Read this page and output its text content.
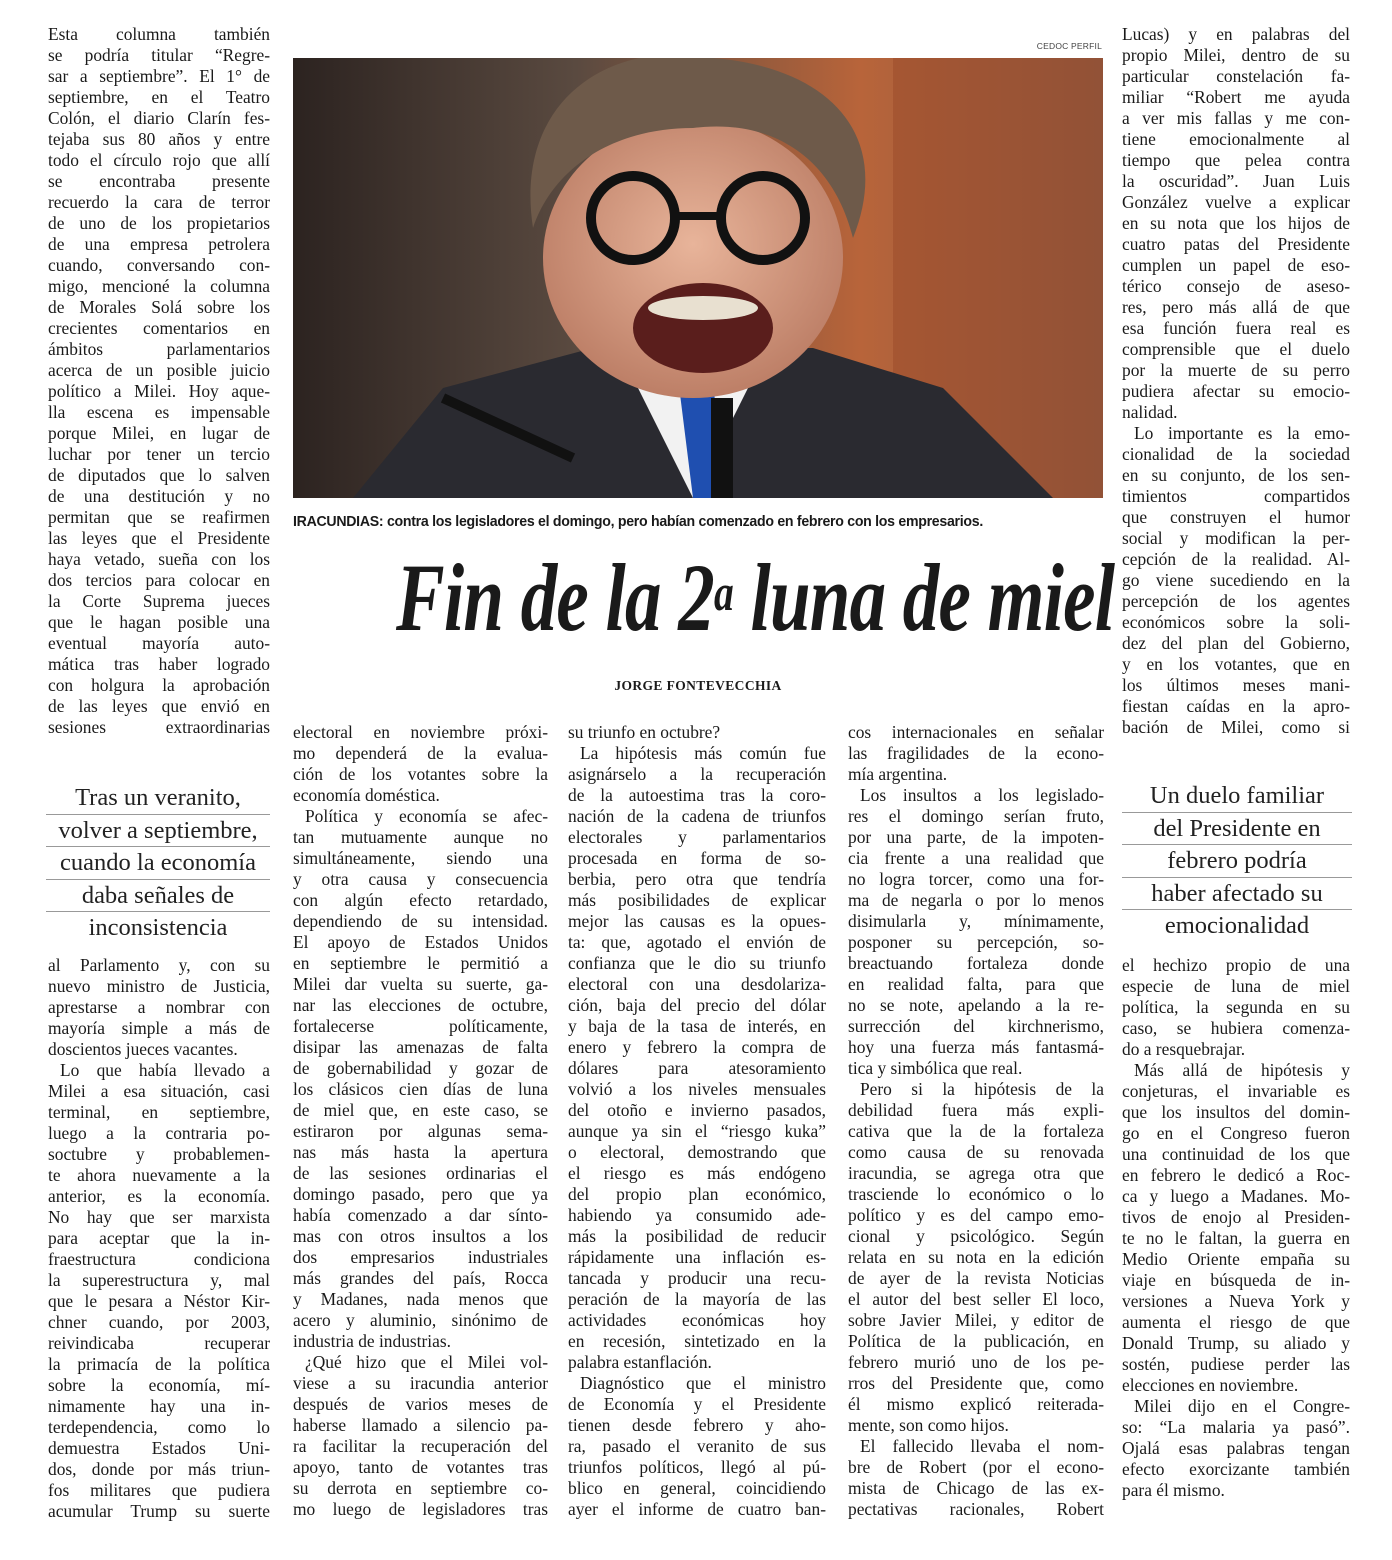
CEDOC PERFIL
IRACUNDIAS: contra los legisladores el domingo, pero habían comenzado en febrero con los empresarios.
Fin de la 2$^a$ luna de miel
JORGE FONTEVECCHIA
Tras un veranito,
volver a septiembre,
cuando la economía
daba señales de
inconsistencia
Un duelo familiar
del Presidente en
febrero podría
haber afectado su
emocionalidad
Esta columna también
se podría titular “Regre-
sar a septiembre”. El 1° de
septiembre, en el Teatro
Colón, el diario Clarín fes-
tejaba sus 80 años y entre
todo el círculo rojo que allí
se encontraba presente
recuerdo la cara de terror
de uno de los propietarios
de una empresa petrolera
cuando, conversando con-
migo, mencioné la columna
de Morales Solá sobre los
crecientes comentarios en
ámbitos parlamentarios
acerca de un posible juicio
político a Milei. Hoy aque-
lla escena es impensable
porque Milei, en lugar de
luchar por tener un tercio
de diputados que lo salven
de una destitución y no
permitan que se reafirmen
las leyes que el Presidente
haya vetado, sueña con los
dos tercios para colocar en
la Corte Suprema jueces
que le hagan posible una
eventual mayoría auto-
mática tras haber logrado
con holgura la aprobación
de las leyes que envió en
sesiones extraordinarias
al Parlamento y, con su
nuevo ministro de Justicia,
aprestarse a nombrar con
mayoría simple a más de
doscientos jueces vacantes.
Lo que había llevado a
Milei a esa situación, casi
terminal, en septiembre,
luego a la contraria po-
soctubre y probablemen-
te ahora nuevamente a la
anterior, es la economía.
No hay que ser marxista
para aceptar que la in-
fraestructura condiciona
la superestructura y, mal
que le pesara a Néstor Kir-
chner cuando, por 2003,
reivindicaba recuperar
la primacía de la política
sobre la economía, mí-
nimamente hay una in-
terdependencia, como lo
demuestra Estados Uni-
dos, donde por más triun-
fos militares que pudiera
acumular Trump su suerte
electoral en noviembre próxi-
mo dependerá de la evalua-
ción de los votantes sobre la
economía doméstica.
Política y economía se afec-
tan mutuamente aunque no
simultáneamente, siendo una
y otra causa y consecuencia
con algún efecto retardado,
dependiendo de su intensidad.
El apoyo de Estados Unidos
en septiembre le permitió a
Milei dar vuelta su suerte, ga-
nar las elecciones de octubre,
fortalecerse políticamente,
disipar las amenazas de falta
de gobernabilidad y gozar de
los clásicos cien días de luna
de miel que, en este caso, se
estiraron por algunas sema-
nas más hasta la apertura
de las sesiones ordinarias el
domingo pasado, pero que ya
había comenzado a dar sínto-
mas con otros insultos a los
dos empresarios industriales
más grandes del país, Rocca
y Madanes, nada menos que
acero y aluminio, sinónimo de
industria de industrias.
¿Qué hizo que el Milei vol-
viese a su iracundia anterior
después de varios meses de
haberse llamado a silencio pa-
ra facilitar la recuperación del
apoyo, tanto de votantes tras
su derrota en septiembre co-
mo luego de legisladores tras
su triunfo en octubre?
La hipótesis más común fue
asignárselo a la recuperación
de la autoestima tras la coro-
nación de la cadena de triunfos
electorales y parlamentarios
procesada en forma de so-
berbia, pero otra que tendría
más posibilidades de explicar
mejor las causas es la opues-
ta: que, agotado el envión de
confianza que le dio su triunfo
electoral con una desdolariza-
ción, baja del precio del dólar
y baja de la tasa de interés, en
enero y febrero la compra de
dólares para atesoramiento
volvió a los niveles mensuales
del otoño e invierno pasados,
aunque ya sin el “riesgo kuka”
o electoral, demostrando que
el riesgo es más endógeno
del propio plan económico,
habiendo ya consumido ade-
más la posibilidad de reducir
rápidamente una inflación es-
tancada y producir una recu-
peración de la mayoría de las
actividades económicas hoy
en recesión, sintetizado en la
palabra estanflación.
Diagnóstico que el ministro
de Economía y el Presidente
tienen desde febrero y aho-
ra, pasado el veranito de sus
triunfos políticos, llegó al pú-
blico en general, coincidiendo
ayer el informe de cuatro ban-
cos internacionales en señalar
las fragilidades de la econo-
mía argentina.
Los insultos a los legislado-
res el domingo serían fruto,
por una parte, de la impoten-
cia frente a una realidad que
no logra torcer, como una for-
ma de negarla o por lo menos
disimularla y, mínimamente,
posponer su percepción, so-
breactuando fortaleza donde
en realidad falta, para que
no se note, apelando a la re-
surrección del kirchnerismo,
hoy una fuerza más fantasmá-
tica y simbólica que real.
Pero si la hipótesis de la
debilidad fuera más expli-
cativa que la de la fortaleza
como causa de su renovada
iracundia, se agrega otra que
trasciende lo económico o lo
político y es del campo emo-
cional y psicológico. Según
relata en su nota en la edición
de ayer de la revista Noticias
el autor del best seller El loco,
sobre Javier Milei, y editor de
Política de la publicación, en
febrero murió uno de los pe-
rros del Presidente que, como
él mismo explicó reiterada-
mente, son como hijos.
El fallecido llevaba el nom-
bre de Robert (por el econo-
mista de Chicago de las ex-
pectativas racionales, Robert
Lucas) y en palabras del
propio Milei, dentro de su
particular constelación fa-
miliar “Robert me ayuda
a ver mis fallas y me con-
tiene emocionalmente al
tiempo que pelea contra
la oscuridad”. Juan Luis
González vuelve a explicar
en su nota que los hijos de
cuatro patas del Presidente
cumplen un papel de eso-
térico consejo de aseso-
res, pero más allá de que
esa función fuera real es
comprensible que el duelo
por la muerte de su perro
pudiera afectar su emocio-
nalidad.
Lo importante es la emo-
cionalidad de la sociedad
en su conjunto, de los sen-
timientos compartidos
que construyen el humor
social y modifican la per-
cepción de la realidad. Al-
go viene sucediendo en la
percepción de los agentes
económicos sobre la soli-
dez del plan del Gobierno,
y en los votantes, que en
los últimos meses mani-
fiestan caídas en la apro-
bación de Milei, como si
el hechizo propio de una
especie de luna de miel
política, la segunda en su
caso, se hubiera comenza-
do a resquebrajar.
Más allá de hipótesis y
conjeturas, el invariable es
que los insultos del domin-
go en el Congreso fueron
una continuidad de los que
en febrero le dedicó a Roc-
ca y luego a Madanes. Mo-
tivos de enojo al Presiden-
te no le faltan, la guerra en
Medio Oriente empaña su
viaje en búsqueda de in-
versiones a Nueva York y
aumenta el riesgo de que
Donald Trump, su aliado y
sostén, pudiese perder las
elecciones en noviembre.
Milei dijo en el Congre-
so: “La malaria ya pasó”.
Ojalá esas palabras tengan
efecto exorcizante también
para él mismo.
